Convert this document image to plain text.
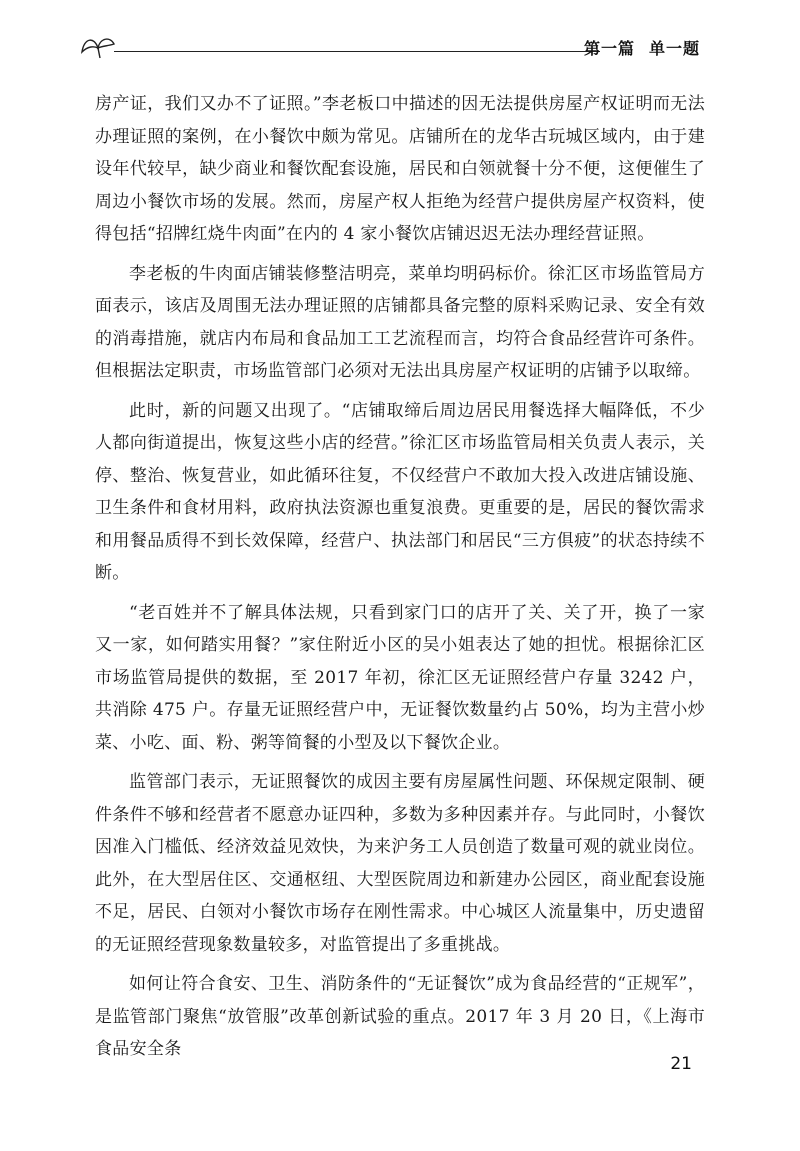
第一篇 单一题

房产证，我们又办不了证照。”李老板口中描述的因无法提供房屋产权证明而无法办理证照的案例，在小餐饮中颇为常见。店铺所在的龙华古玩城区域内，由于建设年代较早，缺少商业和餐饮配套设施，居民和白领就餐十分不便，这便催生了周边小餐饮市场的发展。然而，房屋产权人拒绝为经营户提供房屋产权资料，使得包括“招牌红烧牛肉面”在内的 4 家小餐饮店铺迟迟无法办理经营证照。

李老板的牛肉面店铺装修整洁明亮，菜单均明码标价。徐汇区市场监管局方面表示，该店及周围无法办理证照的店铺都具备完整的原料采购记录、安全有效的消毒措施，就店内布局和食品加工工艺流程而言，均符合食品经营许可条件。但根据法定职责，市场监管部门必须对无法出具房屋产权证明的店铺予以取缔。

此时，新的问题又出现了。“店铺取缔后周边居民用餐选择大幅降低，不少人都向街道提出，恢复这些小店的经营。”徐汇区市场监管局相关负责人表示，关停、整治、恢复营业，如此循环往复，不仅经营户不敢加大投入改进店铺设施、卫生条件和食材用料，政府执法资源也重复浪费。更重要的是，居民的餐饮需求和用餐品质得不到长效保障，经营户、执法部门和居民“三方俱疲”的状态持续不断。

“老百姓并不了解具体法规，只看到家门口的店开了关、关了开，换了一家又一家，如何踏实用餐？”家住附近小区的吴小姐表达了她的担忧。根据徐汇区市场监管局提供的数据，至 2017 年初，徐汇区无证照经营户存量 3242 户，共消除 475 户。存量无证照经营户中，无证餐饮数量约占 50%，均为主营小炒菜、小吃、面、粉、粥等简餐的小型及以下餐饮企业。

监管部门表示，无证照餐饮的成因主要有房屋属性问题、环保规定限制、硬件条件不够和经营者不愿意办证四种，多数为多种因素并存。与此同时，小餐饮因准入门槛低、经济效益见效快，为来沪务工人员创造了数量可观的就业岗位。此外，在大型居住区、交通枢纽、大型医院周边和新建办公园区，商业配套设施不足，居民、白领对小餐饮市场存在刚性需求。中心城区人流量集中，历史遗留的无证照经营现象数量较多，对监管提出了多重挑战。

如何让符合食安、卫生、消防条件的“无证餐饮”成为食品经营的“正规军”，是监管部门聚焦“放管服”改革创新试验的重点。2017 年 3 月 20 日，《上海市食品安全条

21
